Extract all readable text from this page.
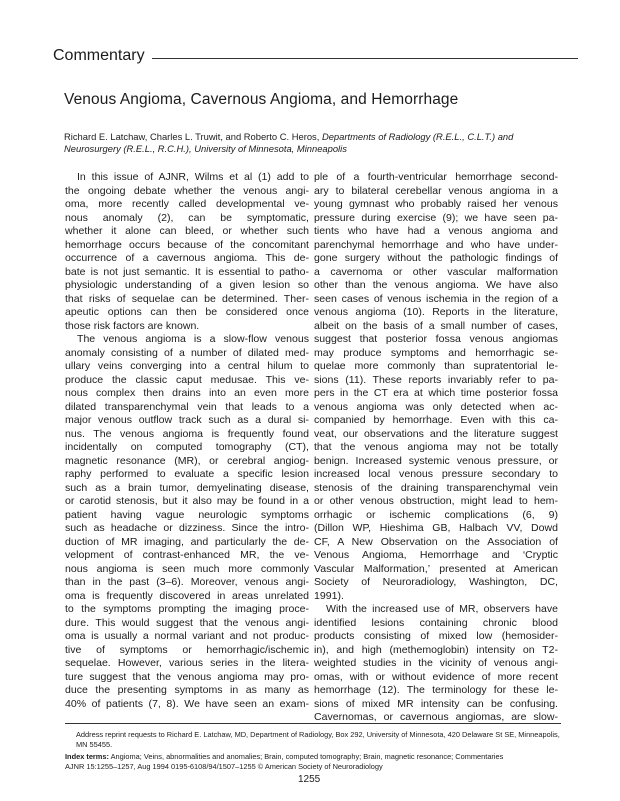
Commentary
Venous Angioma, Cavernous Angioma, and Hemorrhage
Richard E. Latchaw, Charles L. Truwit, and Roberto C. Heros, Departments of Radiology (R.E.L., C.L.T.) and Neurosurgery (R.E.L., R.C.H.), University of Minnesota, Minneapolis
In this issue of AJNR, Wilms et al (1) add to
the ongoing debate whether the venous angi-
oma, more recently called developmental ve-
nous anomaly (2), can be symptomatic,
whether it alone can bleed, or whether such
hemorrhage occurs because of the concomitant
occurrence of a cavernous angioma. This de-
bate is not just semantic. It is essential to patho-
physiologic understanding of a given lesion so
that risks of sequelae can be determined. Ther-
apeutic options can then be considered once
those risk factors are known.
The venous angioma is a slow-flow venous
anomaly consisting of a number of dilated med-
ullary veins converging into a central hilum to
produce the classic caput medusae. This ve-
nous complex then drains into an even more
dilated transparenchymal vein that leads to a
major venous outflow track such as a dural si-
nus. The venous angioma is frequently found
incidentally on computed tomography (CT),
magnetic resonance (MR), or cerebral angiog-
raphy performed to evaluate a specific lesion
such as a brain tumor, demyelinating disease,
or carotid stenosis, but it also may be found in a
patient having vague neurologic symptoms
such as headache or dizziness. Since the intro-
duction of MR imaging, and particularly the de-
velopment of contrast-enhanced MR, the ve-
nous angioma is seen much more commonly
than in the past (3–6). Moreover, venous angi-
oma is frequently discovered in areas unrelated
to the symptoms prompting the imaging proce-
dure. This would suggest that the venous angi-
oma is usually a normal variant and not produc-
tive of symptoms or hemorrhagic/ischemic
sequelae. However, various series in the litera-
ture suggest that the venous angioma may pro-
duce the presenting symptoms in as many as
40% of patients (7, 8). We have seen an exam-
ple of a fourth-ventricular hemorrhage second-
ary to bilateral cerebellar venous angioma in a
young gymnast who probably raised her venous
pressure during exercise (9); we have seen pa-
tients who have had a venous angioma and
parenchymal hemorrhage and who have under-
gone surgery without the pathologic findings of
a cavernoma or other vascular malformation
other than the venous angioma. We have also
seen cases of venous ischemia in the region of a
venous angioma (10). Reports in the literature,
albeit on the basis of a small number of cases,
suggest that posterior fossa venous angiomas
may produce symptoms and hemorrhagic se-
quelae more commonly than supratentorial le-
sions (11). These reports invariably refer to pa-
pers in the CT era at which time posterior fossa
venous angioma was only detected when ac-
companied by hemorrhage. Even with this ca-
veat, our observations and the literature suggest
that the venous angioma may not be totally
benign. Increased systemic venous pressure, or
increased local venous pressure secondary to
stenosis of the draining transparenchymal vein
or other venous obstruction, might lead to hem-
orrhagic or ischemic complications (6, 9)
(Dillon WP, Hieshima GB, Halbach VV, Dowd
CF, A New Observation on the Association of
Venous Angioma, Hemorrhage and ‘Cryptic
Vascular Malformation,’ presented at American
Society of Neuroradiology, Washington, DC,
1991).
With the increased use of MR, observers have
identified lesions containing chronic blood
products consisting of mixed low (hemosider-
in), and high (methemoglobin) intensity on T2-
weighted studies in the vicinity of venous angi-
omas, with or without evidence of more recent
hemorrhage (12). The terminology for these le-
sions of mixed MR intensity can be confusing.
Cavernomas, or cavernous angiomas, are slow-
Address reprint requests to Richard E. Latchaw, MD, Department of Radiology, Box 292, University of Minnesota, 420 Delaware St SE, Minneapolis, MN 55455.
Index terms: Angioma; Veins, abnormalities and anomalies; Brain, computed tomography; Brain, magnetic resonance; Commentaries
AJNR 15:1255–1257, Aug 1994 0195-6108/94/1507–1255 © American Society of Neuroradiology
1255
